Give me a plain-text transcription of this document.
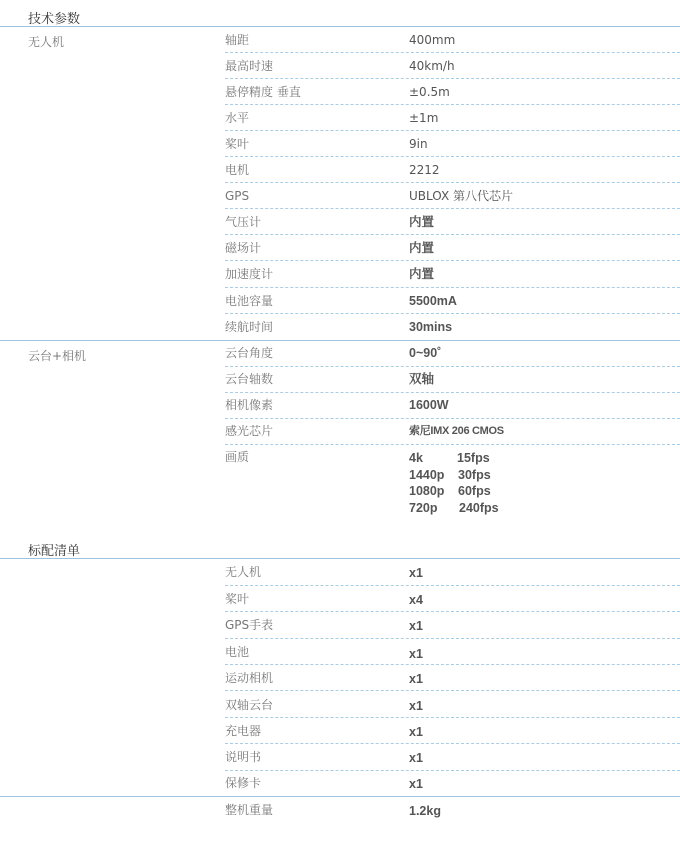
技术参数
无人机	轴距	400mm
最高时速	40km/h
悬停精度 垂直	±0.5m
水平	±1m
桨叶	9in
电机	2212
GPS	UBLOX 第八代芯片
气压计	内置
磁场计	内置
加速度计	内置
电池容量	5500mA
续航时间	30mins
云台+相机	云台角度	0~90˚
云台轴数	双轴
相机像素	1600W
感光芯片	索尼IMX 206 CMOS
画质	4k	15fps
1440p 30fps
1080p 60fps
720p 240fps
标配清单
无人机	x1
桨叶	x4
GPS手表	x1
电池	x1
运动相机	x1
双轴云台	x1
充电器	x1
说明书	x1
保修卡	x1
整机重量	1.2kg
